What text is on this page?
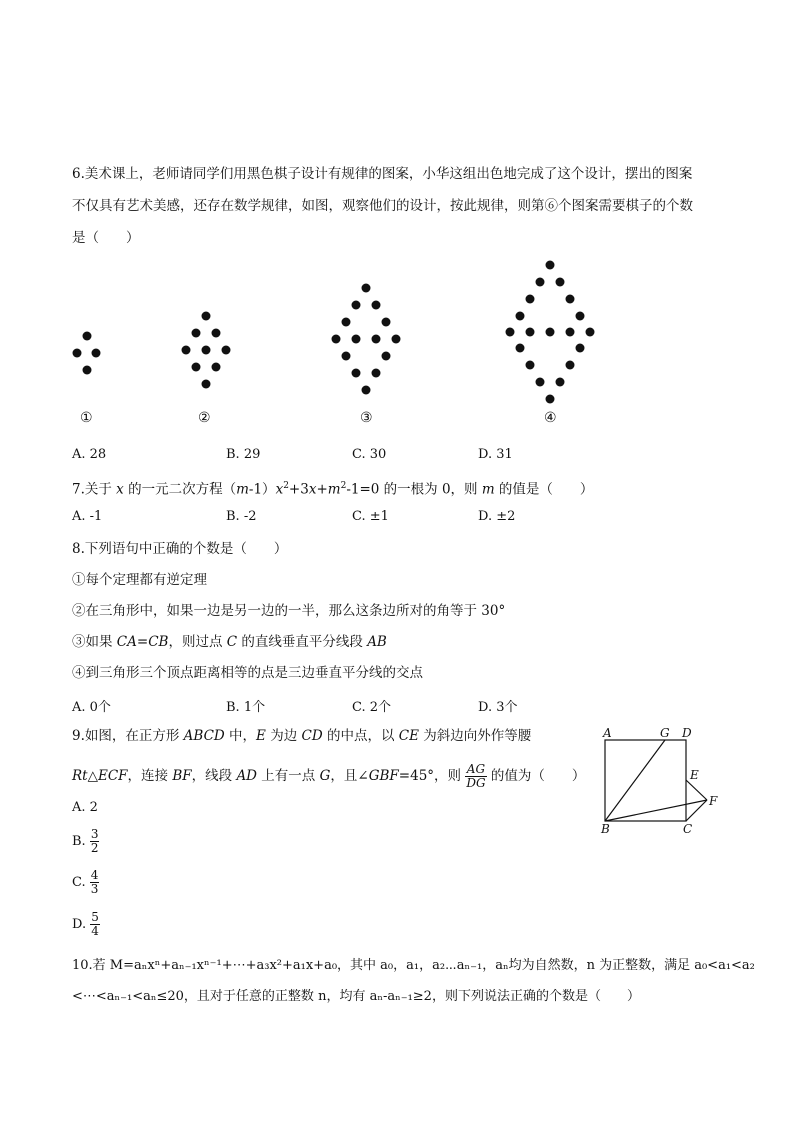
6.美术课上，老师请同学们用黑色棋子设计有规律的图案，小华这组出色地完成了这个设计，摆出的图案
不仅具有艺术美感，还存在数学规律，如图，观察他们的设计，按此规律，则第⑥个图案需要棋子的个数
是（　　）
①	②	③	④
A. 28	B. 29	C. 30	D. 31
7.关于 x 的一元二次方程$(m-1)x^2+3x+m^2-1=0$ 的一根为 0，则 m 的值是（　　）
A. -1	B. -2	C. ±1	D. ±2
8.下列语句中正确的个数是（　　）
①每个定理都有逆定理
②在三角形中，如果一边是另一边的一半，那么这条边所对的角等于 30°
③如果 CA=CB，则过点 C 的直线垂直平分线段 AB
④到三角形三个顶点距离相等的点是三边垂直平分线的交点
A. 0个	B. 1个	C. 2个	D. 3个
9.如图，在正方形 ABCD 中，E 为边 CD 的中点，以 CE 为斜边向外作等腰
Rt△ECF，连接 BF，线段 AD 上有一点 G，且∠GBF=45°，则 $\frac{AG}{DG}$ 的值为（　　）
A. 2
B. $\frac{3}{2}$
C. $\frac{4}{3}$
D. $\frac{5}{4}$
A	G D
E
F
B	C
10.若 M=aₙxⁿ+aₙ₋₁xⁿ⁻¹+⋯+a₃x²+a₁x+a₀，其中 a₀，a₁，a₂⋯aₙ₋₁，aₙ均为自然数，n 为正整数，满足 a₀<a₁<a₂
<⋯<aₙ₋₁<aₙ≤20，且对于任意的正整数 n，均有 aₙ-aₙ₋₁≥2，则下列说法正确的个数是（　　）
